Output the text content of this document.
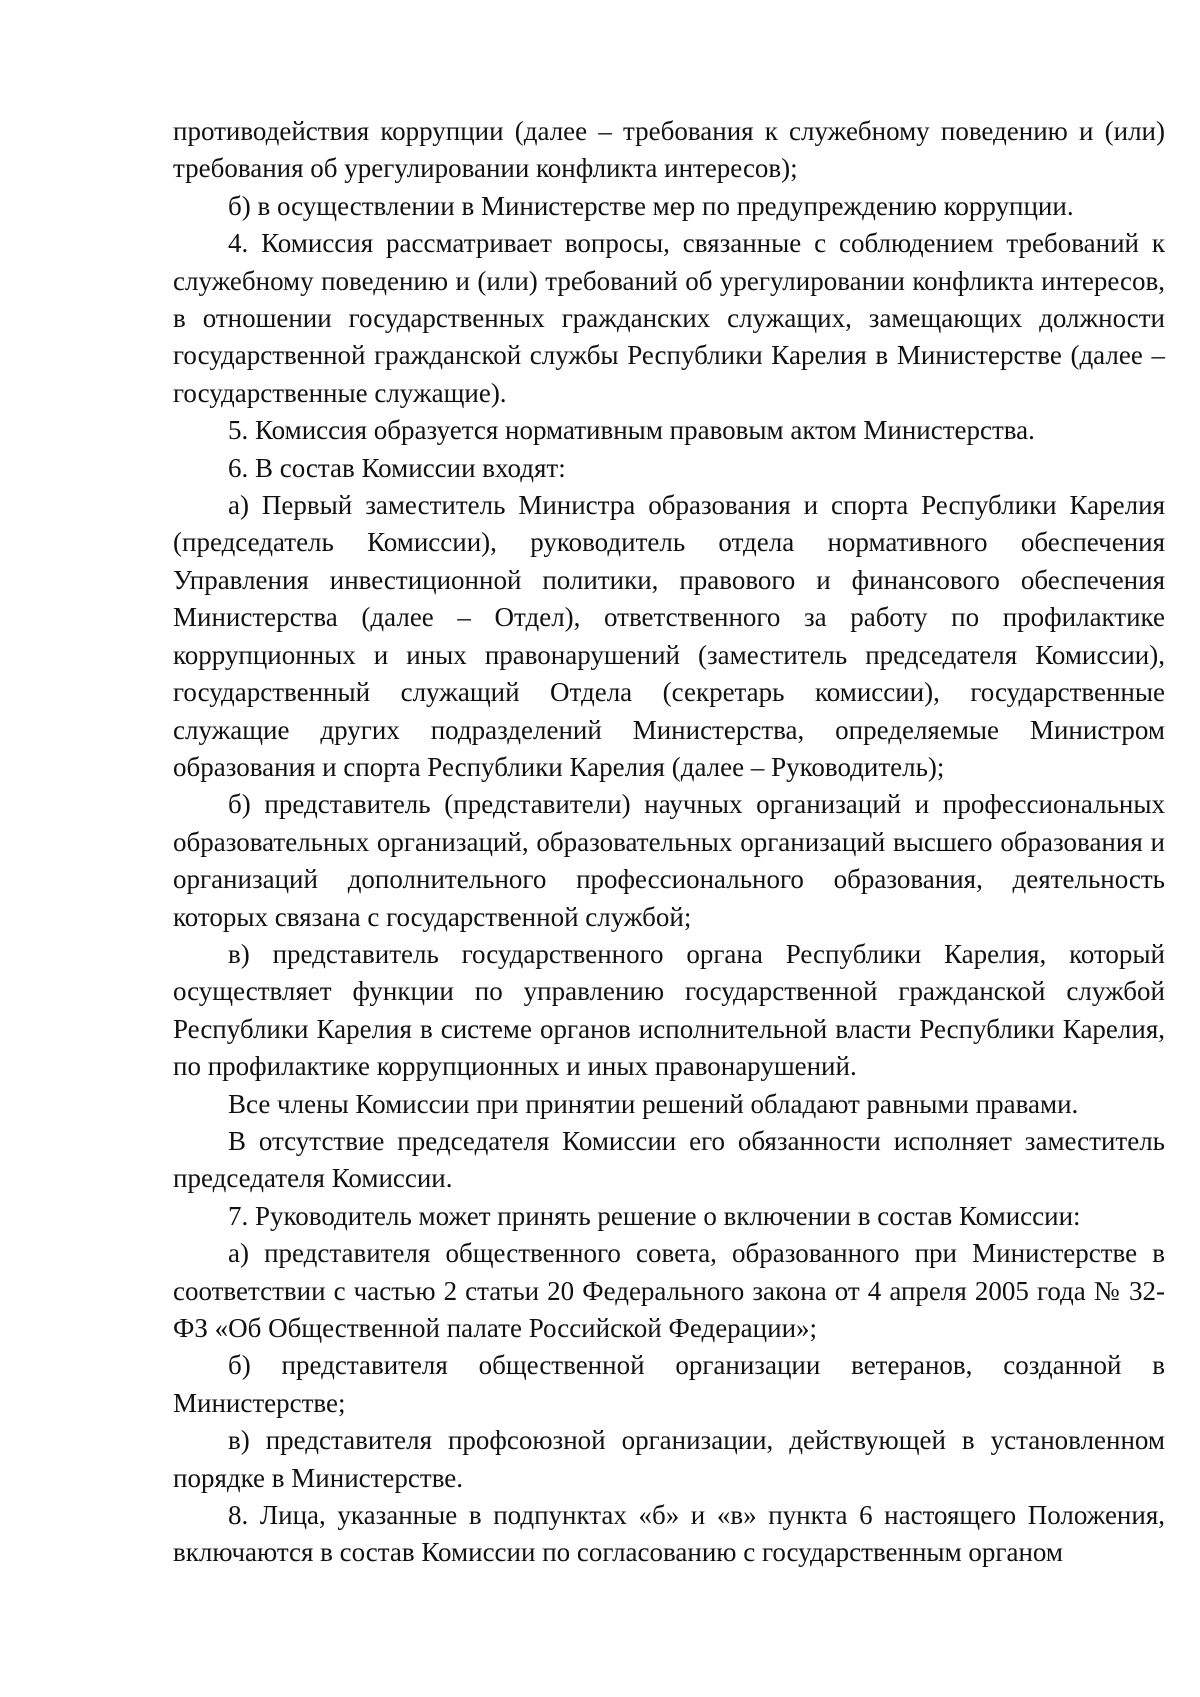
противодействия коррупции (далее – требования к служебному поведению и (или) требования об урегулировании конфликта интересов);

б) в осуществлении в Министерстве мер по предупреждению коррупции.

4. Комиссия рассматривает вопросы, связанные с соблюдением требований к служебному поведению и (или) требований об урегулировании конфликта интересов, в отношении государственных гражданских служащих, замещающих должности государственной гражданской службы Республики Карелия в Министерстве (далее – государственные служащие).

5. Комиссия образуется нормативным правовым актом Министерства.

6. В состав Комиссии входят:

а) Первый заместитель Министра образования и спорта Республики Карелия (председатель Комиссии), руководитель отдела нормативного обеспечения Управления инвестиционной политики, правового и финансового обеспечения Министерства (далее – Отдел), ответственного за работу по профилактике коррупционных и иных правонарушений (заместитель председателя Комиссии), государственный служащий Отдела (секретарь комиссии), государственные служащие других подразделений Министерства, определяемые Министром образования и спорта Республики Карелия (далее – Руководитель);

б) представитель (представители) научных организаций и профессиональных образовательных организаций, образовательных организаций высшего образования и организаций дополнительного профессионального образования, деятельность которых связана с государственной службой;

в) представитель государственного органа Республики Карелия, который осуществляет функции по управлению государственной гражданской службой Республики Карелия в системе органов исполнительной власти Республики Карелия, по профилактике коррупционных и иных правонарушений.

Все члены Комиссии при принятии решений обладают равными правами.

В отсутствие председателя Комиссии его обязанности исполняет заместитель председателя Комиссии.

7. Руководитель может принять решение о включении в состав Комиссии:

а) представителя общественного совета, образованного при Министерстве в соответствии с частью 2 статьи 20 Федерального закона от 4 апреля 2005 года № 32-ФЗ «Об Общественной палате Российской Федерации»;

б) представителя общественной организации ветеранов, созданной в Министерстве;

в) представителя профсоюзной организации, действующей в установленном порядке в Министерстве.

8. Лица, указанные в подпунктах «б» и «в» пункта 6 настоящего Положения, включаются в состав Комиссии по согласованию с государственным органом
